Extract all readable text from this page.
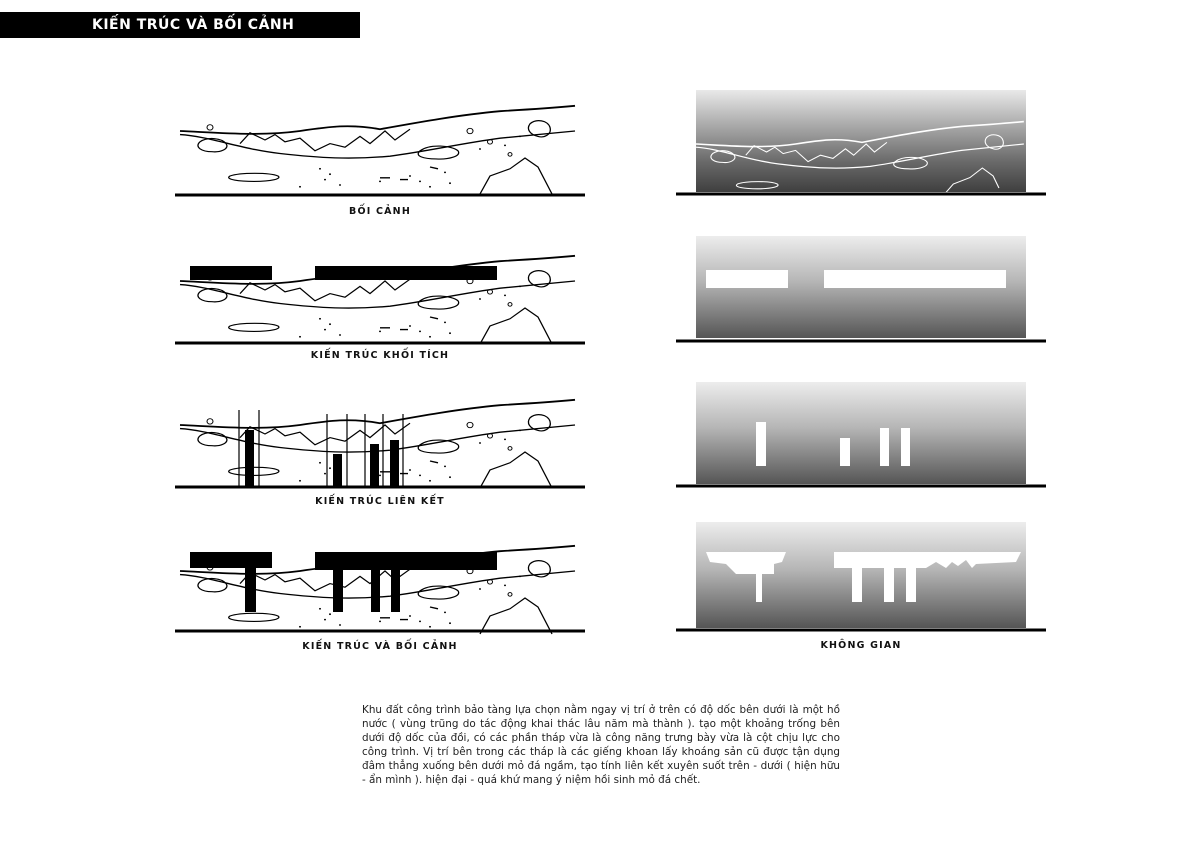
KIẾN TRÚC VÀ BỐI CẢNH
BỐI CẢNH
KIẾN TRÚC KHỐI TÍCH
KIẾN TRÚC LIÊN KẾT
KIẾN TRÚC VÀ BỐI CẢNH	KHÔNG GIAN

Khu đất công trình bảo tàng lựa chọn nằm ngay vị trí ở trên có độ dốc bên dưới là một hồ nước ( vùng trũng do tác động khai thác lâu năm mà thành ). tạo một khoảng trống bên dưới độ dốc của đồi, có các phần tháp vừa là công năng trưng bày vừa là cột chịu lực cho công trình. Vị trí bên trong các tháp là các giếng khoan lấy khoáng sản cũ được tận dụng đâm thẳng xuống bên dưới mỏ đá ngầm, tạo tính liên kết xuyên suốt trên - dưới ( hiện hữu - ẩn mình ). hiện đại - quá khứ mang ý niệm hồi sinh mỏ đá chết.
